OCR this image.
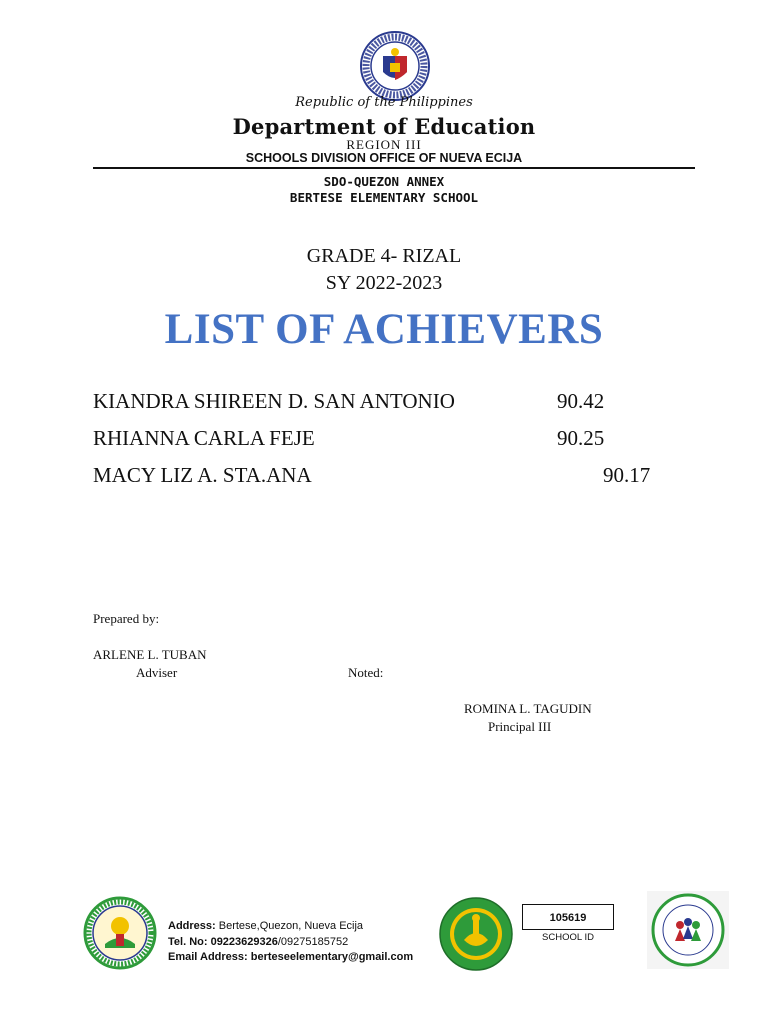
Republic of the Philippines
Department of Education
REGION III
SCHOOLS DIVISION OFFICE OF NUEVA ECIJA
SDO-QUEZON ANNEX
BERTESE ELEMENTARY SCHOOL
GRADE 4- RIZAL
SY 2022-2023
LIST OF ACHIEVERS
KIANDRA SHIREEN D. SAN ANTONIO	90.42
RHIANNA CARLA FEJE	90.25
MACY LIZ A. STA.ANA	90.17
Prepared by:
ARLENE L. TUBAN
Adviser	Noted:
ROMINA L. TAGUDIN
Principal III
Address: Bertese,Quezon, Nueva Ecija
Tel. No: 09223629326/09275185752
Email Address: berteseelementary@gmail.com
105619
SCHOOL ID
